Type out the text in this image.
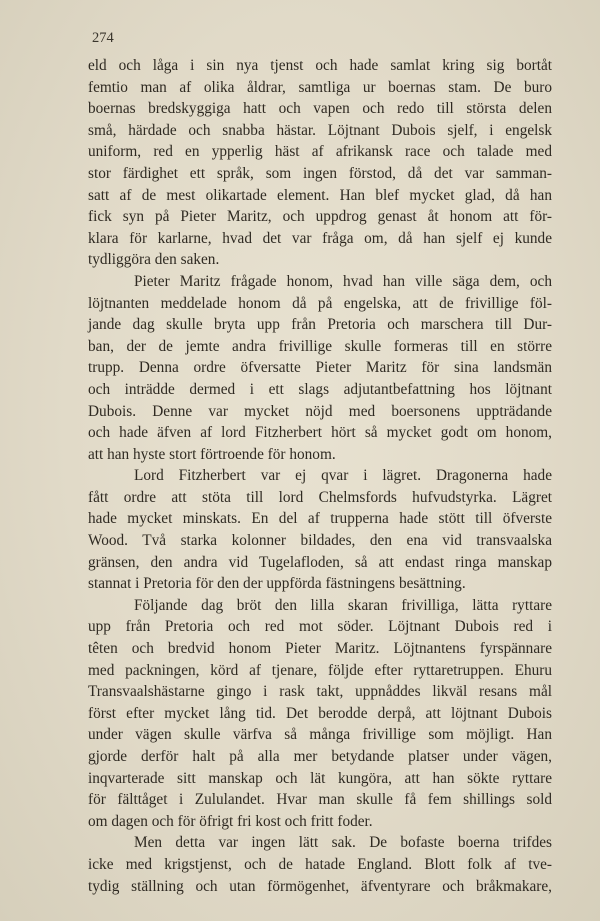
274
eld och låga i sin nya tjenst och hade samlat kring sig bortåt
femtio man af olika åldrar, samtliga ur boernas stam. De buro
boernas bredskyggiga hatt och vapen och redo till största delen
små, härdade och snabba hästar. Löjtnant Dubois sjelf, i engelsk
uniform, red en ypperlig häst af afrikansk race och talade med
stor färdighet ett språk, som ingen förstod, då det var samman-
satt af de mest olikartade element. Han blef mycket glad, då han
fick syn på Pieter Maritz, och uppdrog genast åt honom att för-
klara för karlarne, hvad det var fråga om, då han sjelf ej kunde
tydliggöra den saken.
Pieter Maritz frågade honom, hvad han ville säga dem, och
löjtnanten meddelade honom då på engelska, att de frivillige föl-
jande dag skulle bryta upp från Pretoria och marschera till Dur-
ban, der de jemte andra frivillige skulle formeras till en större
trupp. Denna ordre öfversatte Pieter Maritz för sina landsmän
och inträdde dermed i ett slags adjutantbefattning hos löjtnant
Dubois. Denne var mycket nöjd med boersonens uppträdande
och hade äfven af lord Fitzherbert hört så mycket godt om honom,
att han hyste stort förtroende för honom.
Lord Fitzherbert var ej qvar i lägret. Dragonerna hade
fått ordre att stöta till lord Chelmsfords hufvudstyrka. Lägret
hade mycket minskats. En del af trupperna hade stött till öfverste
Wood. Två starka kolonner bildades, den ena vid transvaalska
gränsen, den andra vid Tugelafloden, så att endast ringa manskap
stannat i Pretoria för den der uppförda fästningens besättning.
Följande dag bröt den lilla skaran frivilliga, lätta ryttare
upp från Pretoria och red mot söder. Löjtnant Dubois red i
têten och bredvid honom Pieter Maritz. Löjtnantens fyrspännare
med packningen, körd af tjenare, följde efter ryttaretruppen. Ehuru
Transvaalshästarne gingo i rask takt, uppnåddes likväl resans mål
först efter mycket lång tid. Det berodde derpå, att löjtnant Dubois
under vägen skulle värfva så många frivillige som möjligt. Han
gjorde derför halt på alla mer betydande platser under vägen,
inqvarterade sitt manskap och lät kungöra, att han sökte ryttare
för fälttåget i Zululandet. Hvar man skulle få fem shillings sold
om dagen och för öfrigt fri kost och fritt foder.
Men detta var ingen lätt sak. De bofaste boerna trifdes
icke med krigstjenst, och de hatade England. Blott folk af tve-
tydig ställning och utan förmögenhet, äfventyrare och bråkmakare,
